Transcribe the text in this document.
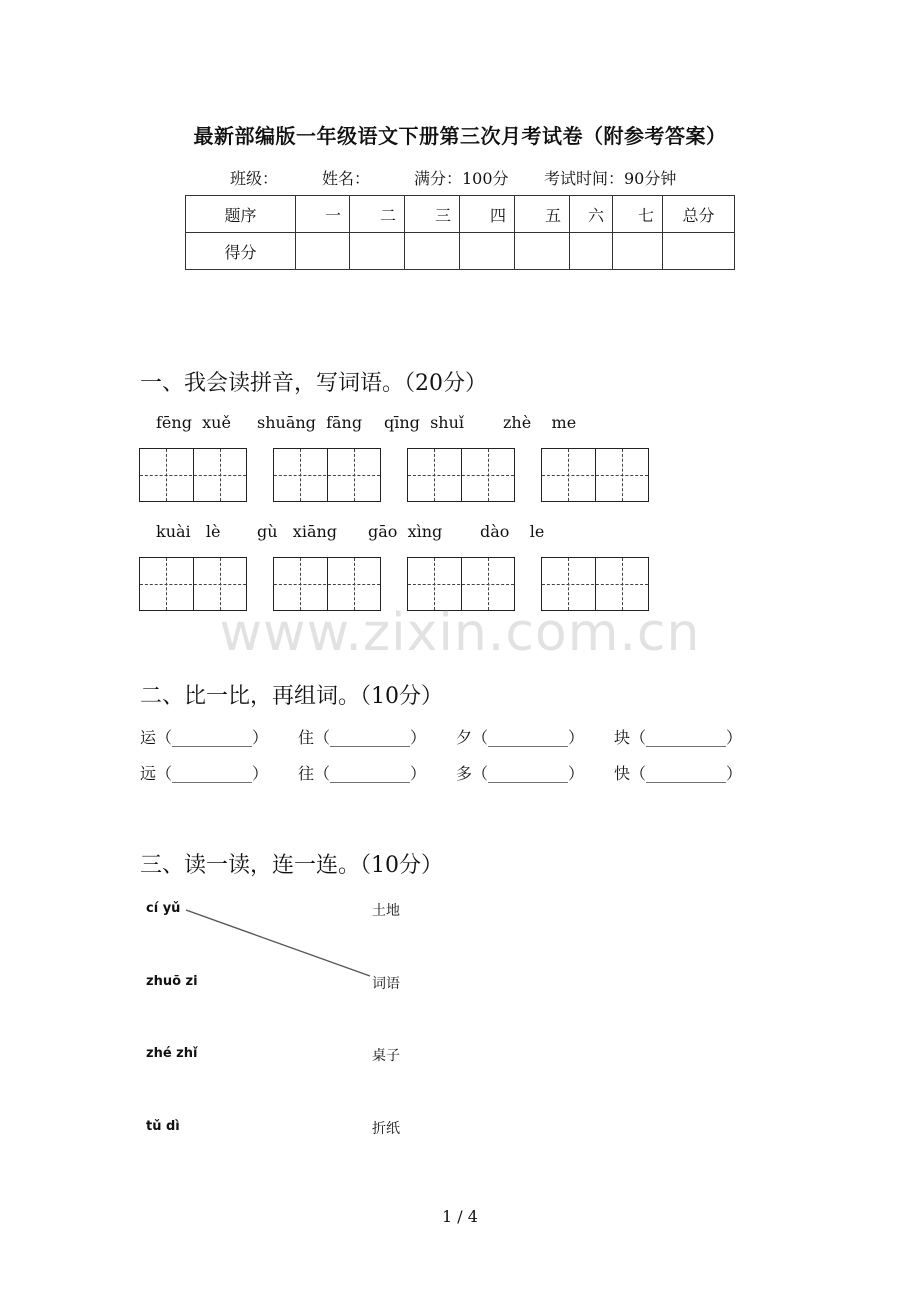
最新部编版一年级语文下册第三次月考试卷（附参考答案）
班级：	姓名：	满分：100分 考试时间：90分钟
题序	一	二	三	四	五	六	七	总分
得分								
一、我会读拼音，写词语。（20分）
fēng  xuě shuāng  fāng qīng  shuǐ zhè    me
kuài   lè gù   xiāng gāo  xìng dào    le
www.zixin.com.cn
二、比一比，再组词。（10分）
运 （__________） 住 （__________） 夕 （__________） 块 （__________）
远 （__________） 往 （__________） 多 （__________） 快 （__________）
三、读一读，连一连。（10分）
cí yǔ
zhuō zi
zhé zhǐ
tǔ dì
土地
词语
桌子
折纸
1 / 4
